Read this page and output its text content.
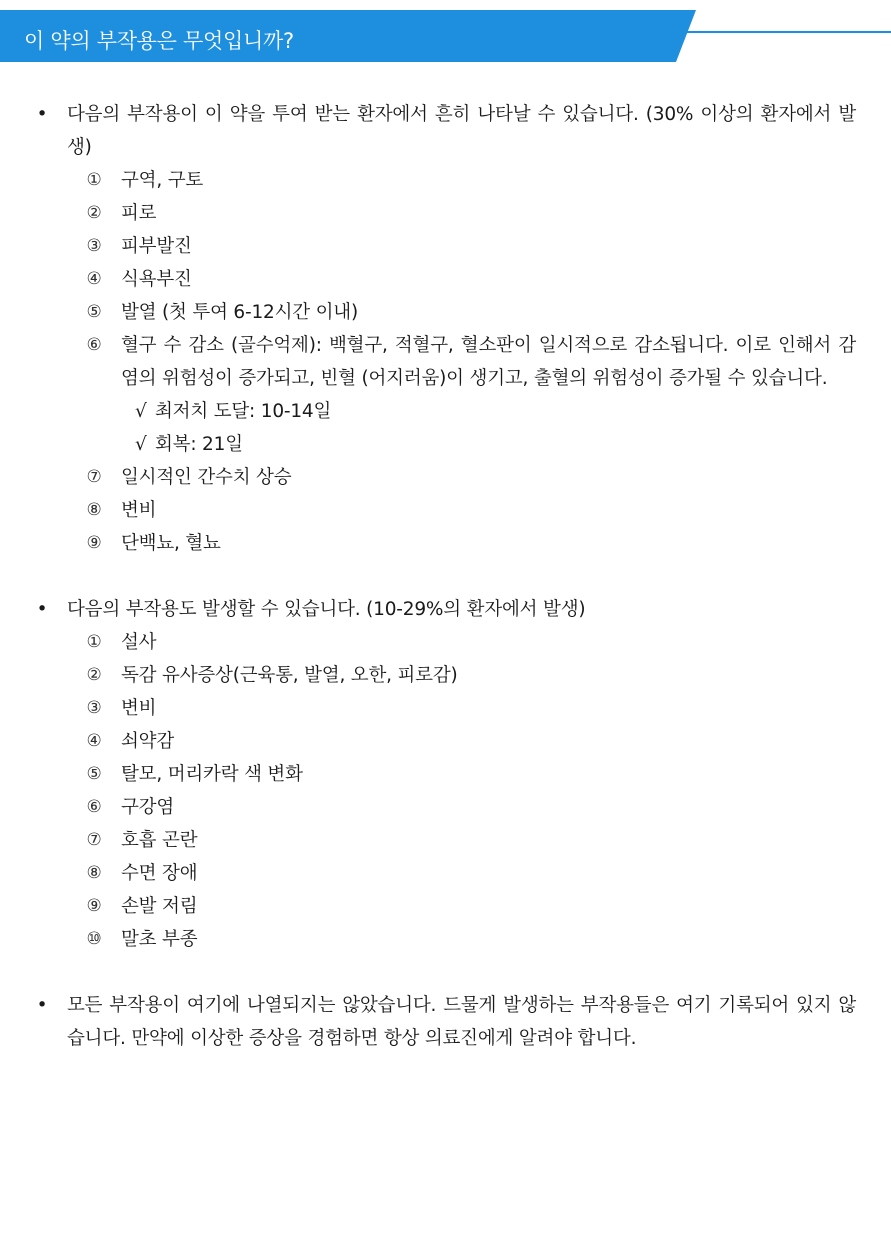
이 약의 부작용은 무엇입니까?
• 다음의 부작용이 이 약을 투여 받는 환자에서 흔히 나타날 수 있습니다. (30% 이상의 환자에서 발생)
① 구역, 구토
② 피로
③ 피부발진
④ 식욕부진
⑤ 발열 (첫 투여 6-12시간 이내)
⑥ 혈구 수 감소 (골수억제): 백혈구, 적혈구, 혈소판이 일시적으로 감소됩니다. 이로 인해서 감염의 위험성이 증가되고, 빈혈 (어지러움)이 생기고, 출혈의 위험성이 증가될 수 있습니다.
√ 최저치 도달: 10-14일
√ 회복: 21일
⑦ 일시적인 간수치 상승
⑧ 변비
⑨ 단백뇨, 혈뇨
• 다음의 부작용도 발생할 수 있습니다. (10-29%의 환자에서 발생)
① 설사
② 독감 유사증상(근육통, 발열, 오한, 피로감)
③ 변비
④ 쇠약감
⑤ 탈모, 머리카락 색 변화
⑥ 구강염
⑦ 호흡 곤란
⑧ 수면 장애
⑨ 손발 저림
⑩ 말초 부종
• 모든 부작용이 여기에 나열되지는 않았습니다. 드물게 발생하는 부작용들은 여기 기록되어 있지 않습니다. 만약에 이상한 증상을 경험하면 항상 의료진에게 알려야 합니다.
